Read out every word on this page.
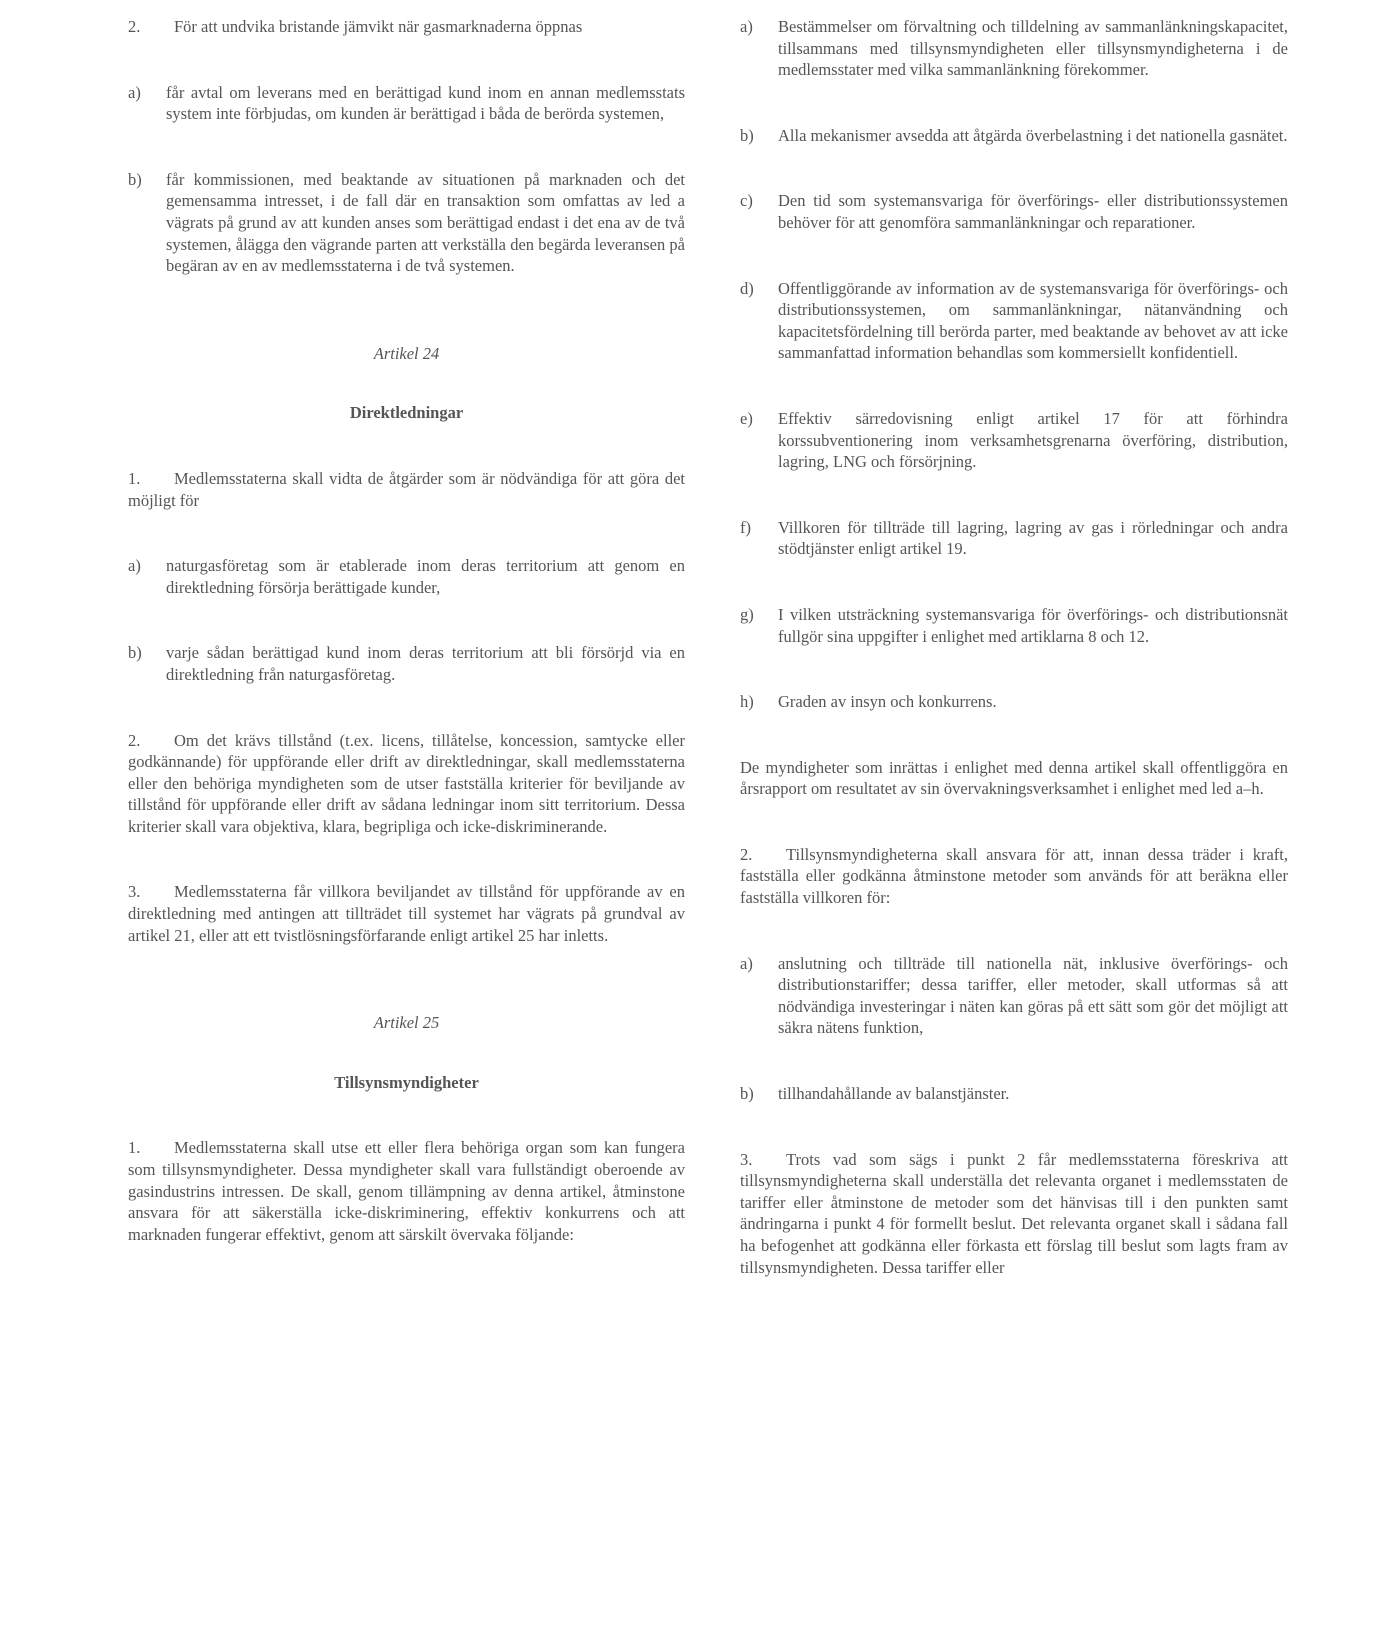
2. För att undvika bristande jämvikt när gasmarknaderna öppnas

a) får avtal om leverans med en berättigad kund inom en annan medlemsstats system inte förbjudas, om kunden är berättigad i båda de berörda systemen,

b) får kommissionen, med beaktande av situationen på marknaden och det gemensamma intresset, i de fall där en transaktion som omfattas av led a vägrats på grund av att kunden anses som berättigad endast i det ena av de två systemen, ålägga den vägrande parten att verkställa den begärda leveransen på begäran av en av medlemsstaterna i de två systemen.

Artikel 24

Direktledningar

1. Medlemsstaterna skall vidta de åtgärder som är nödvändiga för att göra det möjligt för

a) naturgasföretag som är etablerade inom deras territorium att genom en direktledning försörja berättigade kunder,

b) varje sådan berättigad kund inom deras territorium att bli försörjd via en direktledning från naturgasföretag.

2. Om det krävs tillstånd (t.ex. licens, tillåtelse, koncession, samtycke eller godkännande) för uppförande eller drift av direktledningar, skall medlemsstaterna eller den behöriga myndigheten som de utser fastställa kriterier för beviljande av tillstånd för uppförande eller drift av sådana ledningar inom sitt territorium. Dessa kriterier skall vara objektiva, klara, begripliga och icke-diskriminerande.

3. Medlemsstaterna får villkora beviljandet av tillstånd för uppförande av en direktledning med antingen att tillträdet till systemet har vägrats på grundval av artikel 21, eller att ett tvistlösningsförfarande enligt artikel 25 har inletts.

Artikel 25

Tillsynsmyndigheter

1. Medlemsstaterna skall utse ett eller flera behöriga organ som kan fungera som tillsynsmyndigheter. Dessa myndigheter skall vara fullständigt oberoende av gasindustrins intressen. De skall, genom tillämpning av denna artikel, åtminstone ansvara för att säkerställa icke-diskriminering, effektiv konkurrens och att marknaden fungerar effektivt, genom att särskilt övervaka följande:

a) Bestämmelser om förvaltning och tilldelning av sammanlänkningskapacitet, tillsammans med tillsynsmyndigheten eller tillsynsmyndigheterna i de medlemsstater med vilka sammanlänkning förekommer.

b) Alla mekanismer avsedda att åtgärda överbelastning i det nationella gasnätet.

c) Den tid som systemansvariga för överförings- eller distributionssystemen behöver för att genomföra sammanlänkningar och reparationer.

d) Offentliggörande av information av de systemansvariga för överförings- och distributionssystemen, om sammanlänkningar, nätanvändning och kapacitetsfördelning till berörda parter, med beaktande av behovet av att icke sammanfattad information behandlas som kommersiellt konfidentiell.

e) Effektiv särredovisning enligt artikel 17 för att förhindra korssubventionering inom verksamhetsgrenarna överföring, distribution, lagring, LNG och försörjning.

f) Villkoren för tillträde till lagring, lagring av gas i rörledningar och andra stödtjänster enligt artikel 19.

g) I vilken utsträckning systemansvariga för överförings- och distributionsnät fullgör sina uppgifter i enlighet med artiklarna 8 och 12.

h) Graden av insyn och konkurrens.

De myndigheter som inrättas i enlighet med denna artikel skall offentliggöra en årsrapport om resultatet av sin övervakningsverksamhet i enlighet med led a–h.

2. Tillsynsmyndigheterna skall ansvara för att, innan dessa träder i kraft, fastställa eller godkänna åtminstone metoder som används för att beräkna eller fastställa villkoren för:

a) anslutning och tillträde till nationella nät, inklusive överförings- och distributionstariffer; dessa tariffer, eller metoder, skall utformas så att nödvändiga investeringar i näten kan göras på ett sätt som gör det möjligt att säkra nätens funktion,

b) tillhandahållande av balanstjänster.

3. Trots vad som sägs i punkt 2 får medlemsstaterna föreskriva att tillsynsmyndigheterna skall underställa det relevanta organet i medlemsstaten de tariffer eller åtminstone de metoder som det hänvisas till i den punkten samt ändringarna i punkt 4 för formellt beslut. Det relevanta organet skall i sådana fall ha befogenhet att godkänna eller förkasta ett förslag till beslut som lagts fram av tillsynsmyndigheten. Dessa tariffer eller
